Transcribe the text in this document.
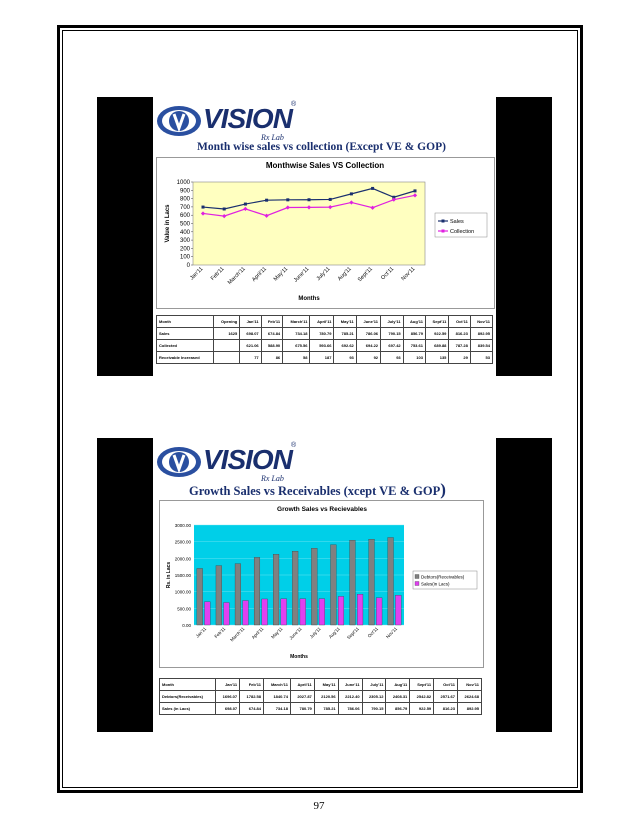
VISION ®
Rx Lab
Month wise sales vs collection (Except VE & GOP)
Monthwise Sales VS Collection
0
100
200
300
400
500
600
700
800
900
1000
Value in Lacs
Jan'11 Feb'11 March'11 April'11 May'11 June'11 July'11 Aug'11 Sept'11 Oct'11 Nov'11
Months
Sales
Collection
Month	Opening	Jan'11	Feb'11	March'11	April'11	May'11	June'11	July'11	Aug'11	Sept'11	Oct'11	Nov'11
Sales	1625	698.07	674.84	734.18	780.79	785.21	786.06	790.15	856.79	922.59	816.23	892.95
Collected		621.06	588.90	675.56	593.66	692.62	694.22	697.42	753.61	689.88	787.28	839.54
Receivable Increased		77	86	58	187	93	92	93	103	135	29	53
VISION ®
Rx Lab
Growth Sales vs Receivables (xcept VE & GOP)
Growth Sales vs Recievables
0.00
500.00
1000.00
1500.00
2000.00
2500.00
3000.00
Rs. in Lacs
Jan'11 Feb'11 March'11 April'11 May'11 June'11 July'11 Aug'11 Sept'11 Oct'11 Nov'11
Months
Debtors(Receivables)
Sales(in Lacs)
Month	Jan'11	Feb'11	March'11	April'11	May'11	June'11	July'11	Aug'11	Sept'11	Oct'11	Nov'11
Debtors(Receivables)	1696.07	1782.58	1840.74	2027.87	2120.56	2212.40	2305.12	2408.31	2542.82	2571.67	2624.68
Sales (in Lacs)	698.07	674.84	734.18	780.79	785.21	786.06	790.15	856.79	922.59	816.23	892.95
97
